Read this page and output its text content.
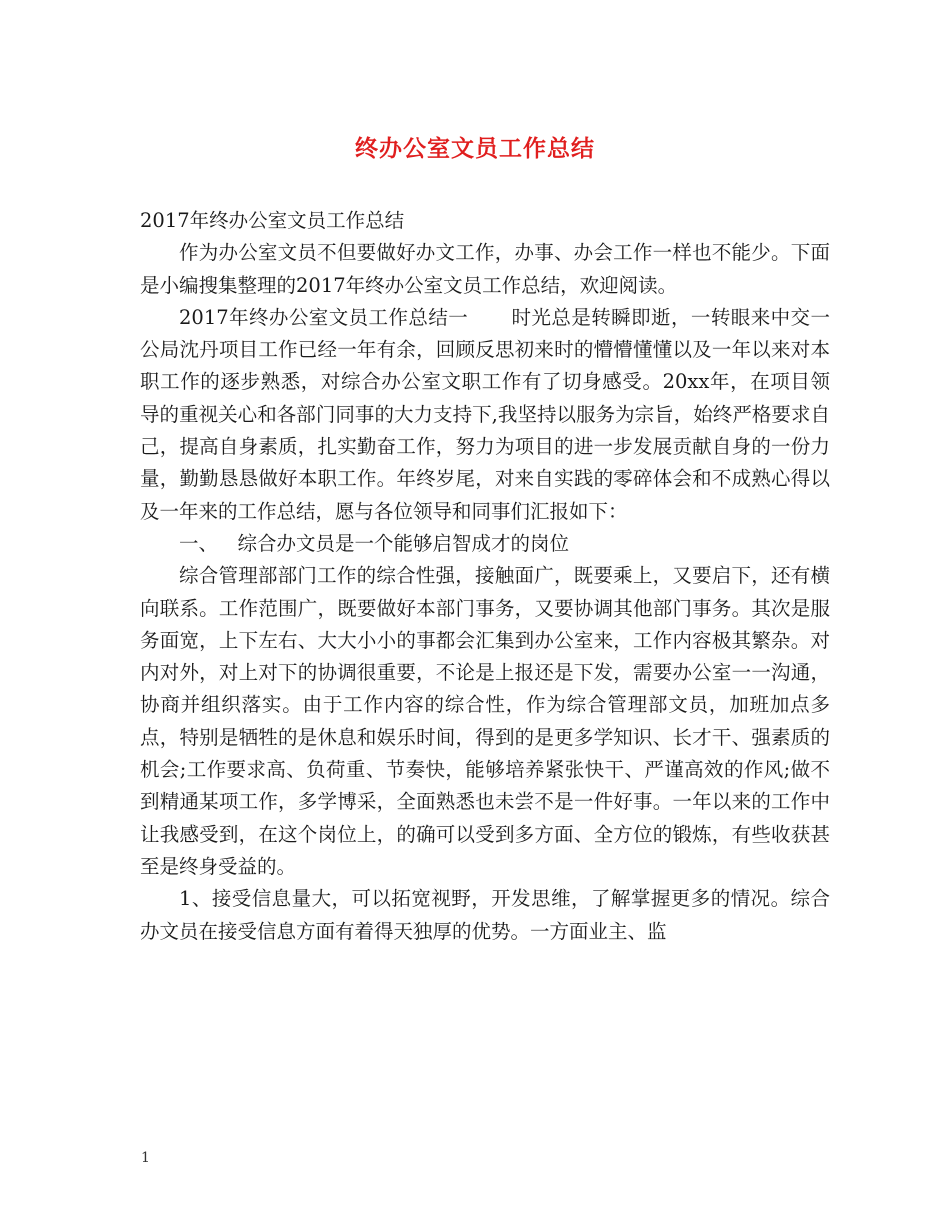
终办公室文员工作总结

2017年终办公室文员工作总结

作为办公室文员不但要做好办文工作，办事、办会工作一样也不能少。下面是小编搜集整理的2017年终办公室文员工作总结，欢迎阅读。

2017年终办公室文员工作总结一 时光总是转瞬即逝，一转眼来中交一公局沈丹项目工作已经一年有余，回顾反思初来时的懵懵懂懂以及一年以来对本职工作的逐步熟悉，对综合办公室文职工作有了切身感受。20xx年，在项目领导的重视关心和各部门同事的大力支持下,我坚持以服务为宗旨，始终严格要求自己，提高自身素质，扎实勤奋工作，努力为项目的进一步发展贡献自身的一份力量，勤勤恳恳做好本职工作。年终岁尾，对来自实践的零碎体会和不成熟心得以及一年来的工作总结，愿与各位领导和同事们汇报如下：

一、 综合办文员是一个能够启智成才的岗位

综合管理部部门工作的综合性强，接触面广，既要乘上，又要启下，还有横向联系。工作范围广，既要做好本部门事务，又要协调其他部门事务。其次是服务面宽，上下左右、大大小小的事都会汇集到办公室来，工作内容极其繁杂。对内对外，对上对下的协调很重要，不论是上报还是下发，需要办公室一一沟通，协商并组织落实。由于工作内容的综合性，作为综合管理部文员，加班加点多点，特别是牺牲的是休息和娱乐时间，得到的是更多学知识、长才干、强素质的机会;工作要求高、负荷重、节奏快，能够培养紧张快干、严谨高效的作风;做不到精通某项工作，多学博采，全面熟悉也未尝不是一件好事。一年以来的工作中让我感受到，在这个岗位上，的确可以受到多方面、全方位的锻炼，有些收获甚至是终身受益的。

1、接受信息量大，可以拓宽视野，开发思维，了解掌握更多的情况。综合办文员在接受信息方面有着得天独厚的优势。一方面业主、监

1
